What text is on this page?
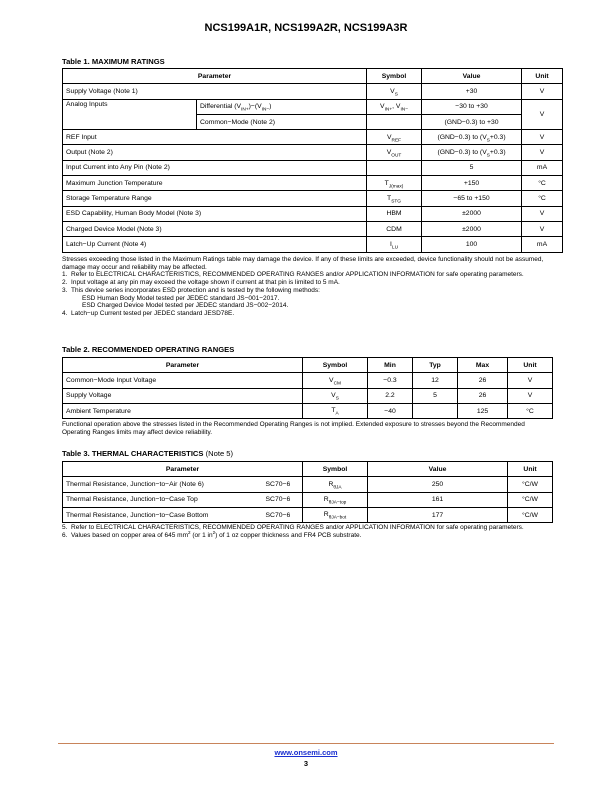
NCS199A1R, NCS199A2R, NCS199A3R
Table 1. MAXIMUM RATINGS
Parameter		Symbol	Value	Unit
Supply Voltage (Note 1)		$V_S$	+30	V
Analog Inputs	Differential $(V_{IN+})-(V_{IN-})$	$V_{IN+}$, $V_{IN-}$	−30 to +30	V
	Common−Mode (Note 2)		(GND−0.3) to +30	
REF Input		$V_{REF}$	(GND−0.3) to $(V_S+0.3)$	V
Output (Note 2)		$V_{OUT}$	(GND−0.3) to $(V_S+0.3)$	V
Input Current into Any Pin (Note 2)			5	mA
Maximum Junction Temperature		$T_{J(max)}$	+150	°C
Storage Temperature Range		$T_{STG}$	−65 to +150	°C
ESD Capability, Human Body Model (Note 3)		HBM	±2000	V
Charged Device Model (Note 3)		CDM	±2000	V
Latch−Up Current (Note 4)		$I_{LU}$	100	mA

Stresses exceeding those listed in the Maximum Ratings table may damage the device. If any of these limits are exceeded, device functionality should not be assumed, damage may occur and reliability may be affected.

1.  Refer to ELECTRICAL CHARACTERISTICS, RECOMMENDED OPERATING RANGES and/or APPLICATION INFORMATION for safe operating parameters.

2.  Input voltage at any pin may exceed the voltage shown if current at that pin is limited to 5 mA.

3.  This device series incorporates ESD protection and is tested by the following methods:

ESD Human Body Model tested per JEDEC standard JS−001−2017.

ESD Charged Device Model tested per JEDEC standard JS−002−2014.

4.  Latch−up Current tested per JEDEC standard JESD78E.

Table 2. RECOMMENDED OPERATING RANGES
Parameter	Symbol	Min	Typ	Max	Unit
Common−Mode Input Voltage	$V_{CM}$	−0.3	12	26	V
Supply Voltage	$V_S$	2.2	5	26	V
Ambient Temperature	$T_A$	−40		125	°C

Functional operation above the stresses listed in the Recommended Operating Ranges is not implied. Extended exposure to stresses beyond the Recommended Operating Ranges limits may affect device reliability.

Table 3. THERMAL CHARACTERISTICS (Note 5)
Parameter		Symbol	Value	Unit
Thermal Resistance, Junction−to−Air (Note 6)	SC70−6	$R_{\theta JA}$	250	°C/W
Thermal Resistance, Junction−to−Case Top	SC70−6	$R_{\theta JA-top}$	161	°C/W
Thermal Resistance, Junction−to−Case Bottom	SC70−6	$R_{\theta JA-bot}$	177	°C/W

5.  Refer to ELECTRICAL CHARACTERISTICS, RECOMMENDED OPERATING RANGES and/or APPLICATION INFORMATION for safe operating parameters.

6.  Values based on copper area of 645 $mm^2$ (or 1 $in^2$) of 1 oz copper thickness and FR4 PCB substrate.

www.onsemi.com
3
